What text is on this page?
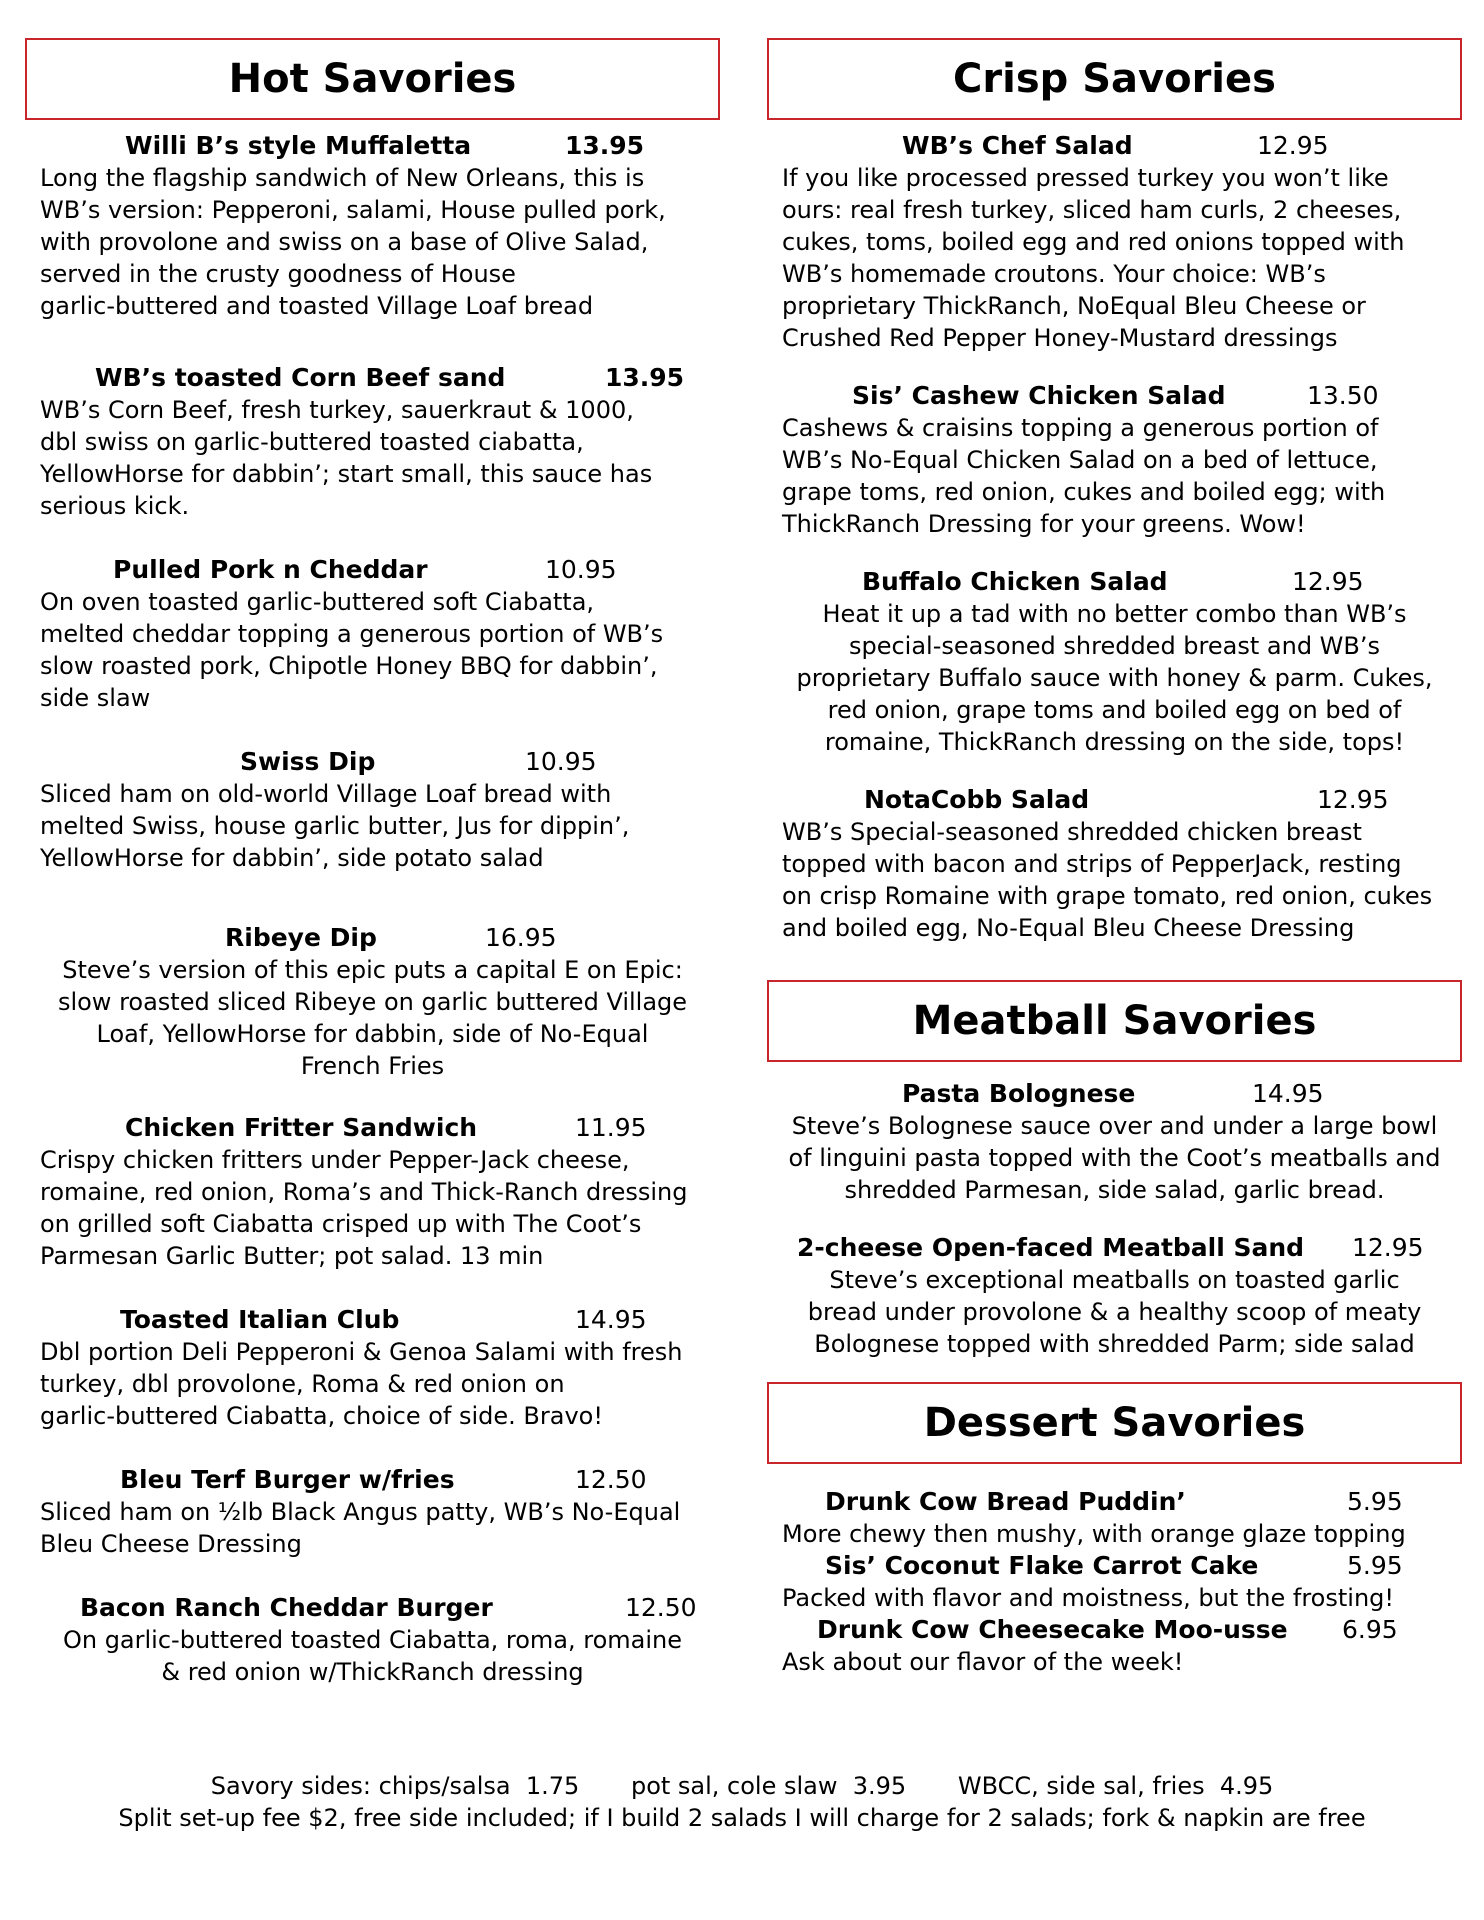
Hot Savories
Willi B’s style Muffaletta	13.95
Long the flagship sandwich of New Orleans, this is
WB’s version: Pepperoni, salami, House pulled pork,
with provolone and swiss on a base of Olive Salad,
served in the crusty goodness of House
garlic-buttered and toasted Village Loaf bread
WB’s toasted Corn Beef sand	13.95
WB’s Corn Beef, fresh turkey, sauerkraut & 1000,
dbl swiss on garlic-buttered toasted ciabatta,
YellowHorse for dabbin’; start small, this sauce has
serious kick.
Pulled Pork n Cheddar	10.95
On oven toasted garlic-buttered soft Ciabatta,
melted cheddar topping a generous portion of WB’s
slow roasted pork, Chipotle Honey BBQ for dabbin’,
side slaw
Swiss Dip	10.95
Sliced ham on old-world Village Loaf bread with
melted Swiss, house garlic butter, Jus for dippin’,
YellowHorse for dabbin’, side potato salad
Ribeye Dip	16.95
Steve’s version of this epic puts a capital E on Epic:
slow roasted sliced Ribeye on garlic buttered Village
Loaf, YellowHorse for dabbin, side of No-Equal
French Fries
Chicken Fritter Sandwich	11.95
Crispy chicken fritters under Pepper-Jack cheese,
romaine, red onion, Roma’s and Thick-Ranch dressing
on grilled soft Ciabatta crisped up with The Coot’s
Parmesan Garlic Butter; pot salad. 13 min
Toasted Italian Club	14.95
Dbl portion Deli Pepperoni & Genoa Salami with fresh
turkey, dbl provolone, Roma & red onion on
garlic-buttered Ciabatta, choice of side. Bravo!
Bleu Terf Burger w/fries	12.50
Sliced ham on ½lb Black Angus patty, WB’s No-Equal
Bleu Cheese Dressing
Bacon Ranch Cheddar Burger	12.50
On garlic-buttered toasted Ciabatta, roma, romaine
& red onion w/ThickRanch dressing
Crisp Savories
WB’s Chef Salad	12.95
If you like processed pressed turkey you won’t like
ours: real fresh turkey, sliced ham curls, 2 cheeses,
cukes, toms, boiled egg and red onions topped with
WB’s homemade croutons. Your choice: WB’s
proprietary ThickRanch, NoEqual Bleu Cheese or
Crushed Red Pepper Honey-Mustard dressings
Sis’ Cashew Chicken Salad	13.50
Cashews & craisins topping a generous portion of
WB’s No-Equal Chicken Salad on a bed of lettuce,
grape toms, red onion, cukes and boiled egg; with
ThickRanch Dressing for your greens. Wow!
Buffalo Chicken Salad	12.95
Heat it up a tad with no better combo than WB’s
special-seasoned shredded breast and WB’s
proprietary Buffalo sauce with honey & parm. Cukes,
red onion, grape toms and boiled egg on bed of
romaine, ThickRanch dressing on the side, tops!
NotaCobb Salad	12.95
WB’s Special-seasoned shredded chicken breast
topped with bacon and strips of PepperJack, resting
on crisp Romaine with grape tomato, red onion, cukes
and boiled egg, No-Equal Bleu Cheese Dressing
Meatball Savories
Pasta Bolognese	14.95
Steve’s Bolognese sauce over and under a large bowl
of linguini pasta topped with the Coot’s meatballs and
shredded Parmesan, side salad, garlic bread.
2-cheese Open-faced Meatball Sand 12.95
Steve’s exceptional meatballs on toasted garlic
bread under provolone & a healthy scoop of meaty
Bolognese topped with shredded Parm; side salad
Dessert Savories
Drunk Cow Bread Puddin’	5.95
More chewy then mushy, with orange glaze topping
Sis’ Coconut Flake Carrot Cake	5.95
Packed with flavor and moistness, but the frosting!
Drunk Cow Cheesecake Moo-usse 6.95
Ask about our flavor of the week!
Savory sides: chips/salsa 1.75 pot sal, cole slaw 3.95 WBCC, side sal, fries 4.95
Split set-up fee $2, free side included; if I build 2 salads I will charge for 2 salads; fork & napkin are free
